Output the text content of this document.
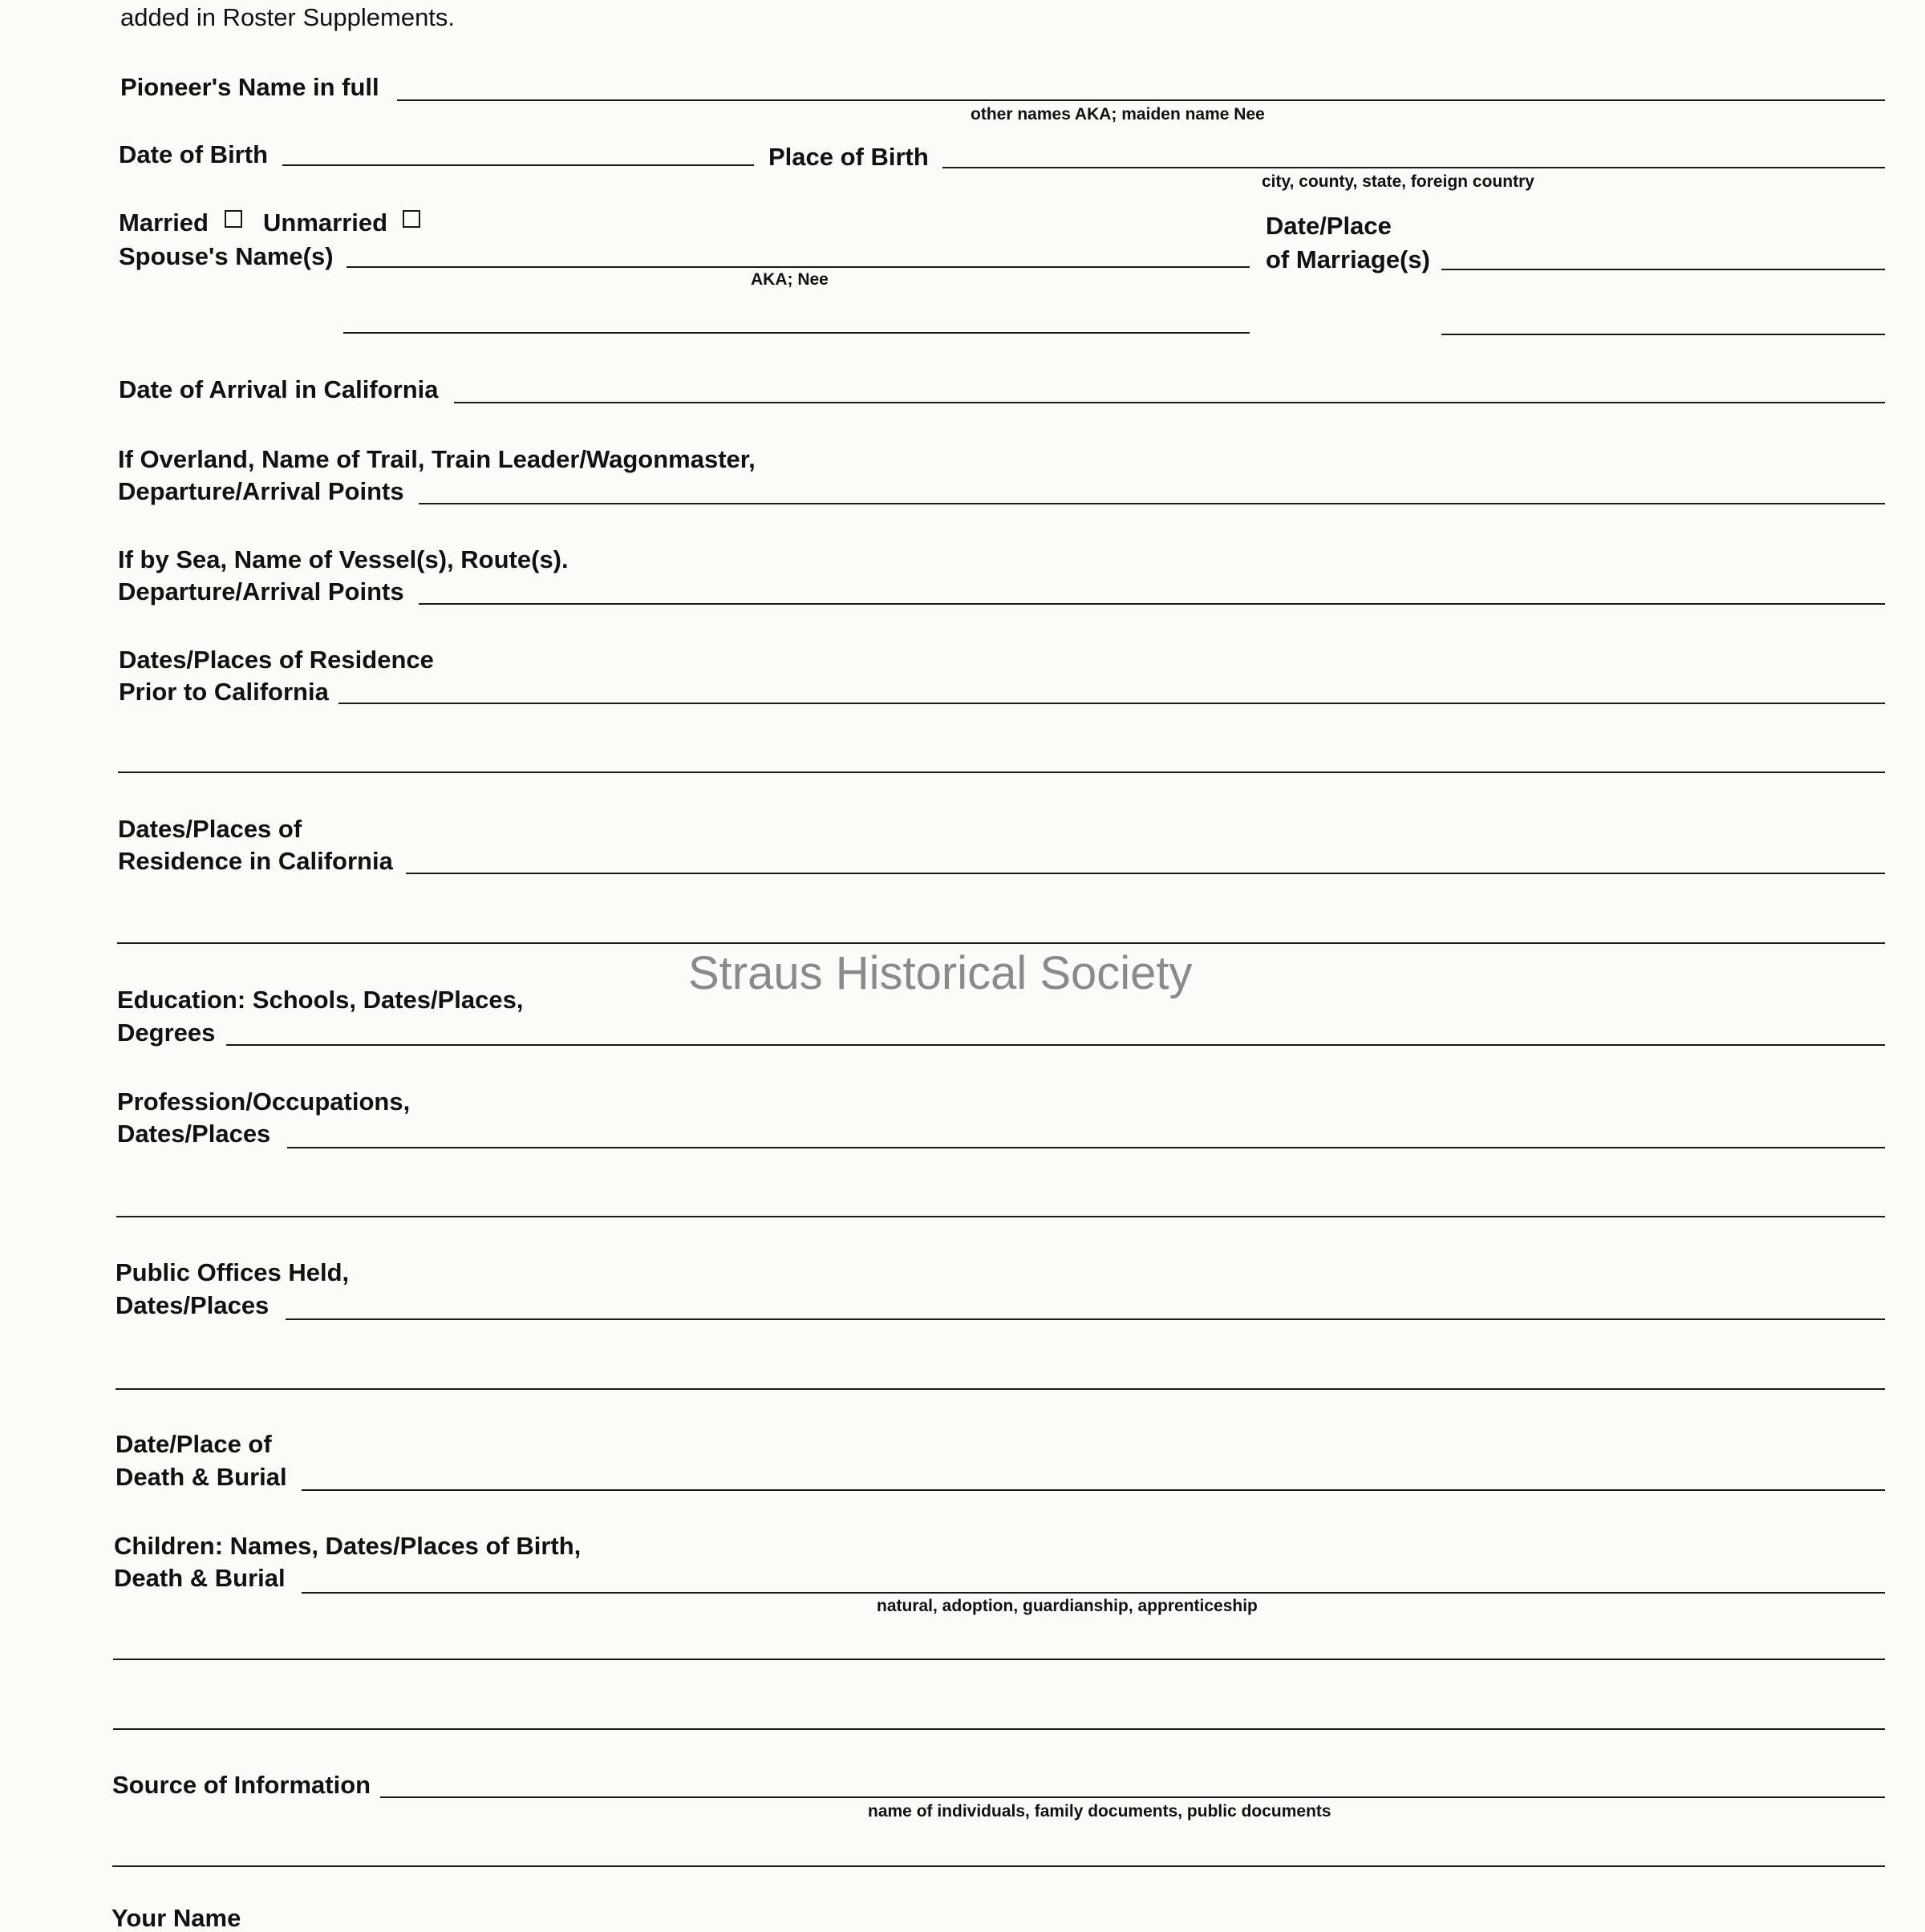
added in Roster Supplements.
Pioneer's Name in full
other names AKA; maiden name Nee
Date of Birth	Place of Birth
city, county, state, foreign country
Married Unmarried
Spouse's Name(s)
AKA; Nee
Date/Place
of Marriage(s)
Date of Arrival in California
If Overland, Name of Trail, Train Leader/Wagonmaster,
Departure/Arrival Points
If by Sea, Name of Vessel(s), Route(s).
Departure/Arrival Points
Dates/Places of Residence
Prior to California
Dates/Places of
Residence in California
Straus Historical Society
Education: Schools, Dates/Places,
Degrees
Profession/Occupations,
Dates/Places
Public Offices Held,
Dates/Places
Date/Place of
Death & Burial
Children: Names, Dates/Places of Birth,
Death & Burial
natural, adoption, guardianship, apprenticeship
Source of Information
name of individuals, family documents, public documents
Your Name
